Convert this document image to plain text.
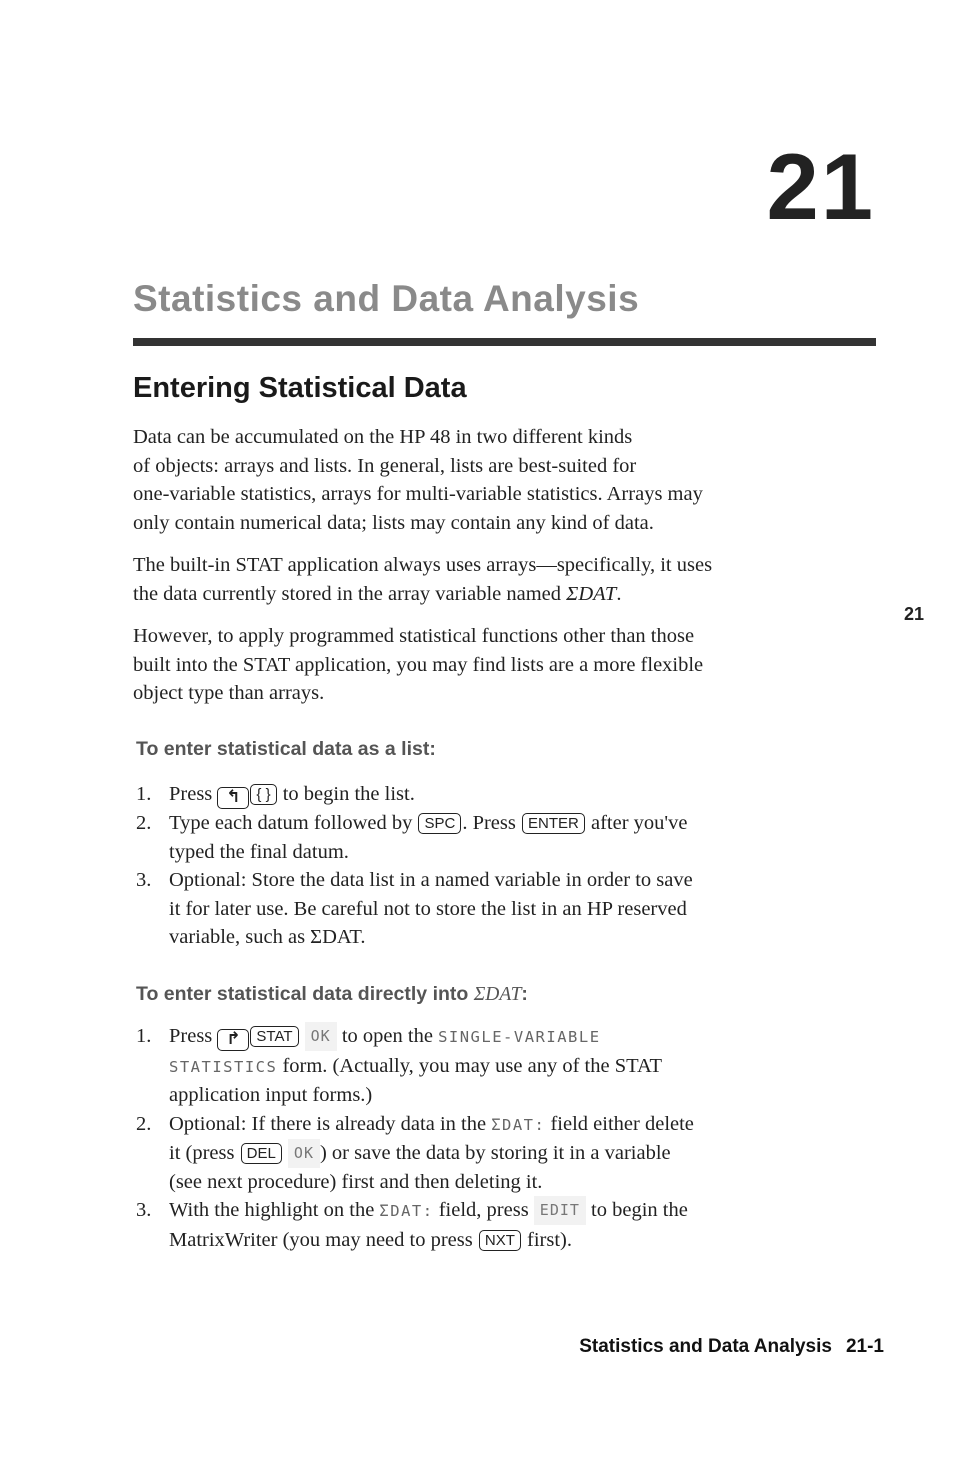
21
Statistics and Data Analysis
21
Entering Statistical Data
Data can be accumulated on the HP 48 in two different kinds
of objects: arrays and lists. In general, lists are best-suited for
one-variable statistics, arrays for multi-variable statistics. Arrays may
only contain numerical data; lists may contain any kind of data.
The built-in STAT application always uses arrays—specifically, it uses
the data currently stored in the array variable named ΣDAT.
However, to apply programmed statistical functions other than those
built into the STAT application, you may find lists are a more flexible
object type than arrays.
To enter statistical data as a list:
1. Press ↰ { } to begin the list.
2. Type each datum followed by SPC . Press ENTER after you've
typed the final datum.
3. Optional: Store the data list in a named variable in order to save
it for later use. Be careful not to store the list in an HP reserved
variable, such as ΣDAT.
To enter statistical data directly into ΣDAT:
1. Press ↱ STAT OK to open the SINGLE-VARIABLE
STATISTICS form. (Actually, you may use any of the STAT
application input forms.)
2. Optional: If there is already data in the ΣDAT: field either delete
it (press DEL OK ) or save the data by storing it in a variable
(see next procedure) first and then deleting it.
3. With the highlight on the ΣDAT: field, press EDIT to begin the
MatrixWriter (you may need to press NXT first).
Statistics and Data Analysis 21-1
